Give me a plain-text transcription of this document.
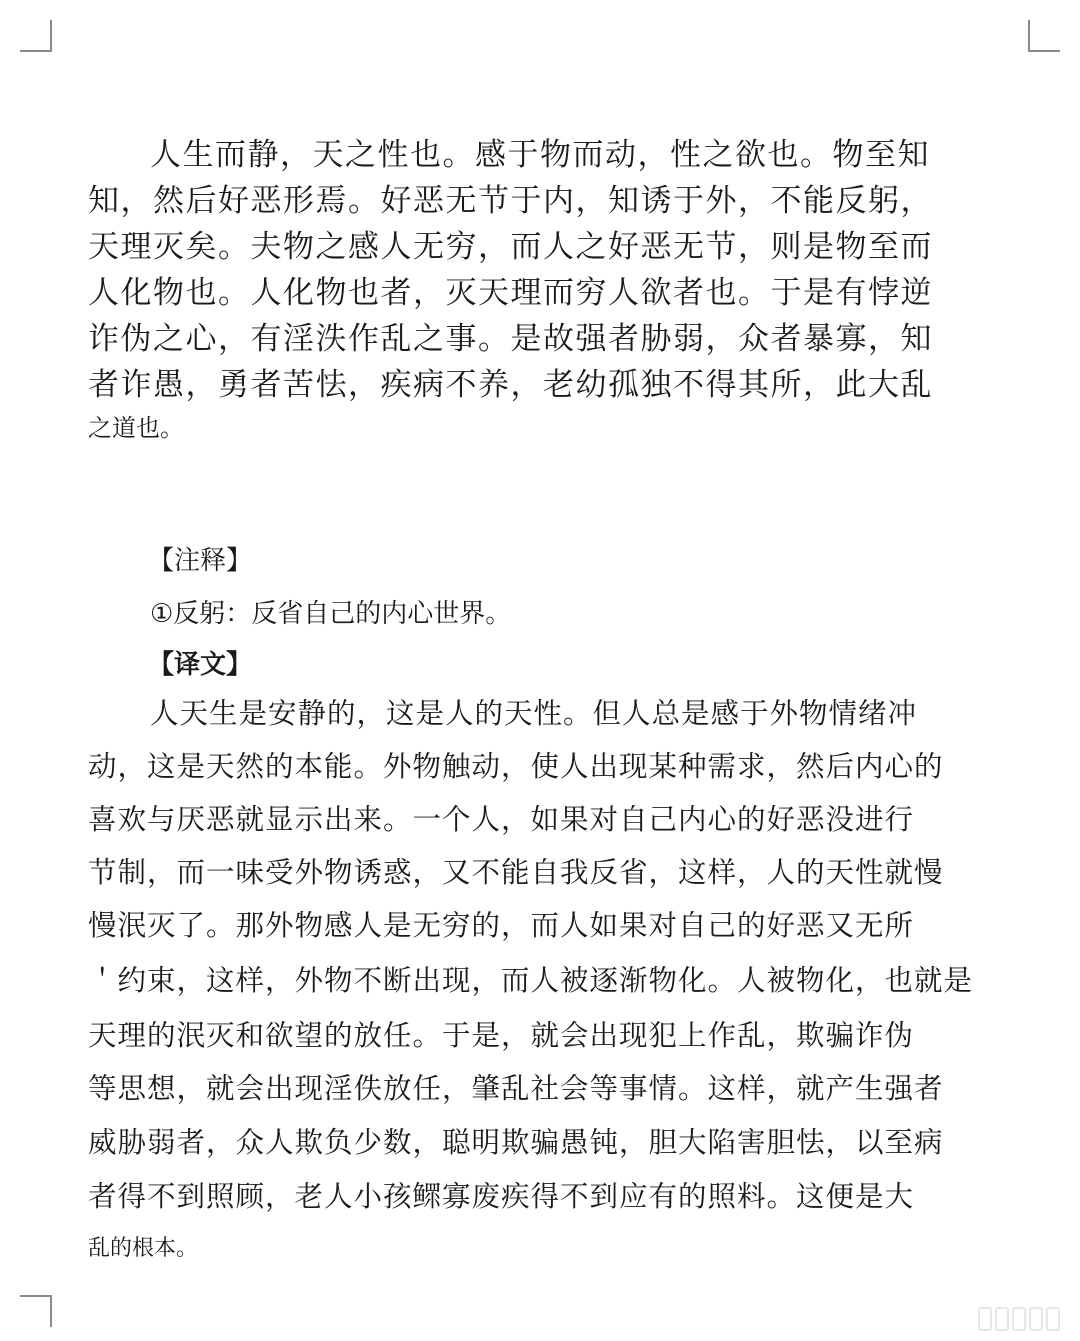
人生而静，天之性也。感于物而动，性之欲也。物至知
知，然后好恶形焉。好恶无节于内，知诱于外，不能反躬，
天理灭矣。夫物之感人无穷，而人之好恶无节，则是物至而
人化物也。人化物也者，灭天理而穷人欲者也。于是有悖逆
诈伪之心，有淫泆作乱之事。是故强者胁弱，众者暴寡，知
者诈愚，勇者苦怯，疾病不养，老幼孤独不得其所，此大乱
之道也。
【注释】
①反躬：反省自己的内心世界。
【译文】
人天生是安静的，这是人的天性。但人总是感于外物情绪冲
动，这是天然的本能。外物触动，使人出现某种需求，然后内心的
喜欢与厌恶就显示出来。一个人，如果对自己内心的好恶没进行
节制，而一味受外物诱惑，又不能自我反省，这样，人的天性就慢
慢泯灭了。那外物感人是无穷的，而人如果对自己的好恶又无所
＇约束，这样，外物不断出现，而人被逐渐物化。人被物化，也就是
天理的泯灭和欲望的放任。于是，就会出现犯上作乱，欺骗诈伪
等思想，就会出现淫佚放任，肇乱社会等事情。这样，就产生强者
威胁弱者，众人欺负少数，聪明欺骗愚钝，胆大陷害胆怯，以至病
者得不到照顾，老人小孩鳏寡废疾得不到应有的照料。这便是大
乱的根本。
